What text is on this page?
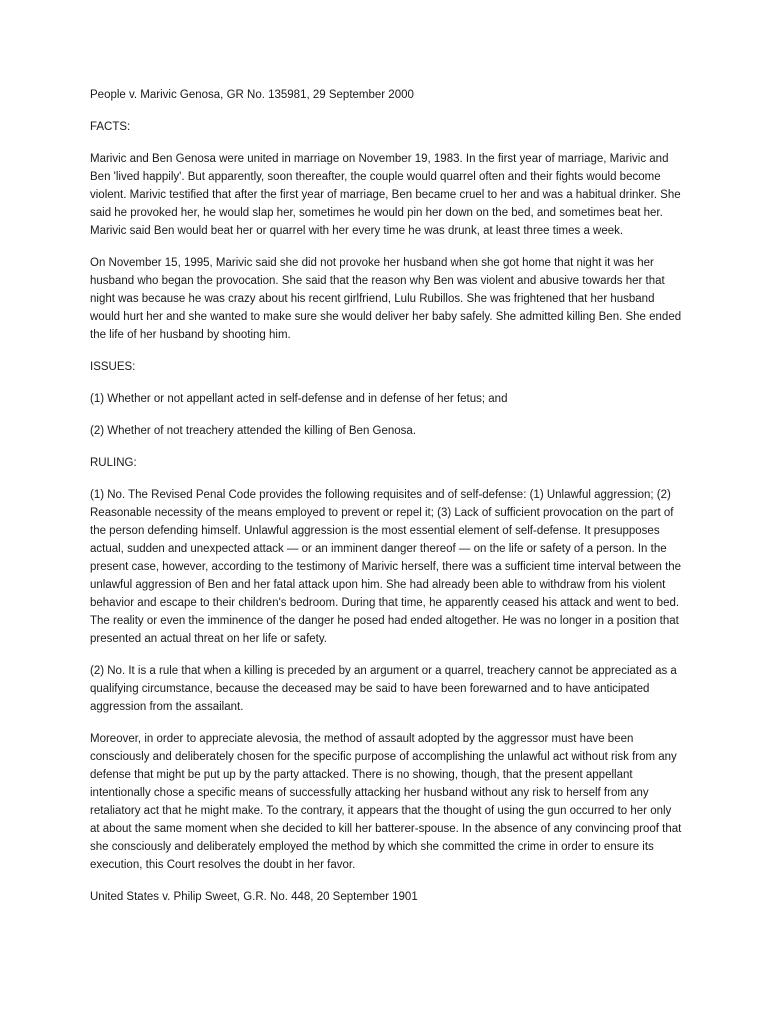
People v. Marivic Genosa, GR No. 135981, 29 September 2000

FACTS:

Marivic and Ben Genosa were united in marriage on November 19, 1983. In the first year of marriage, Marivic and Ben 'lived happily'. But apparently, soon thereafter, the couple would quarrel often and their fights would become violent. Marivic testified that after the first year of marriage, Ben became cruel to her and was a habitual drinker. She said he provoked her, he would slap her, sometimes he would pin her down on the bed, and sometimes beat her. Marivic said Ben would beat her or quarrel with her every time he was drunk, at least three times a week.

On November 15, 1995, Marivic said she did not provoke her husband when she got home that night it was her husband who began the provocation. She said that the reason why Ben was violent and abusive towards her that night was because he was crazy about his recent girlfriend, Lulu Rubillos. She was frightened that her husband would hurt her and she wanted to make sure she would deliver her baby safely. She admitted killing Ben. She ended the life of her husband by shooting him.

ISSUES:

(1) Whether or not appellant acted in self-defense and in defense of her fetus; and

(2) Whether of not treachery attended the killing of Ben Genosa.

RULING:

(1) No. The Revised Penal Code provides the following requisites and of self-defense: (1) Unlawful aggression; (2) Reasonable necessity of the means employed to prevent or repel it; (3) Lack of sufficient provocation on the part of the person defending himself. Unlawful aggression is the most essential element of self-defense. It presupposes actual, sudden and unexpected attack — or an imminent danger thereof — on the life or safety of a person. In the present case, however, according to the testimony of Marivic herself, there was a sufficient time interval between the unlawful aggression of Ben and her fatal attack upon him. She had already been able to withdraw from his violent behavior and escape to their children's bedroom. During that time, he apparently ceased his attack and went to bed. The reality or even the imminence of the danger he posed had ended altogether. He was no longer in a position that presented an actual threat on her life or safety.

(2) No. It is a rule that when a killing is preceded by an argument or a quarrel, treachery cannot be appreciated as a qualifying circumstance, because the deceased may be said to have been forewarned and to have anticipated aggression from the assailant.

Moreover, in order to appreciate alevosia, the method of assault adopted by the aggressor must have been consciously and deliberately chosen for the specific purpose of accomplishing the unlawful act without risk from any defense that might be put up by the party attacked. There is no showing, though, that the present appellant intentionally chose a specific means of successfully attacking her husband without any risk to herself from any retaliatory act that he might make. To the contrary, it appears that the thought of using the gun occurred to her only at about the same moment when she decided to kill her batterer-spouse. In the absence of any convincing proof that she consciously and deliberately employed the method by which she committed the crime in order to ensure its execution, this Court resolves the doubt in her favor.

United States v. Philip Sweet, G.R. No. 448, 20 September 1901
